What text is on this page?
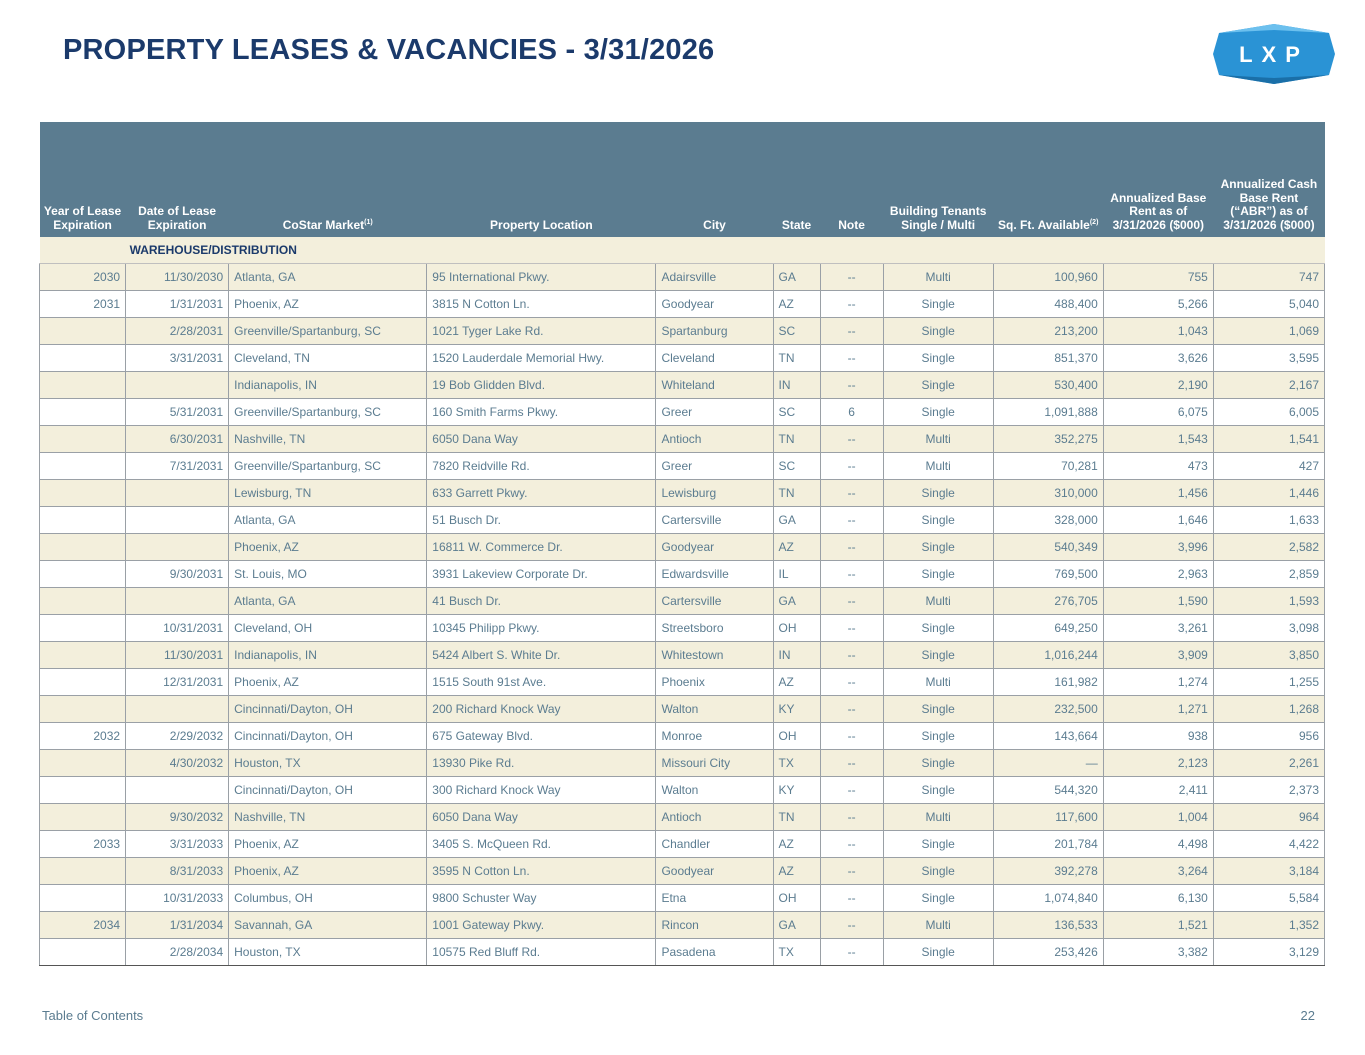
PROPERTY LEASES & VACANCIES - 3/31/2026	LXP
Year of Lease Expiration	Date of Lease Expiration	CoStar Market$^{(1)}$	Property Location	City	State	Note	Building Tenants Single / Multi	Sq. Ft. Available$^{(2)}$	Annualized Base Rent as of 3/31/2026 ($000)	Annualized Cash Base Rent (“ABR”) as of 3/31/2026 ($000)
	WAREHOUSE/DISTRIBUTION									
2030	11/30/2030	Atlanta, GA	95 International Pkwy.	Adairsville	GA	--	Multi	100,960	755	747
2031	1/31/2031	Phoenix, AZ	3815 N Cotton Ln.	Goodyear	AZ	--	Single	488,400	5,266	5,040
	2/28/2031	Greenville/Spartanburg, SC	1021 Tyger Lake Rd.	Spartanburg	SC	--	Single	213,200	1,043	1,069
	3/31/2031	Cleveland, TN	1520 Lauderdale Memorial Hwy.	Cleveland	TN	--	Single	851,370	3,626	3,595
		Indianapolis, IN	19 Bob Glidden Blvd.	Whiteland	IN	--	Single	530,400	2,190	2,167
	5/31/2031	Greenville/Spartanburg, SC	160 Smith Farms Pkwy.	Greer	SC	6	Single	1,091,888	6,075	6,005
	6/30/2031	Nashville, TN	6050 Dana Way	Antioch	TN	--	Multi	352,275	1,543	1,541
	7/31/2031	Greenville/Spartanburg, SC	7820 Reidville Rd.	Greer	SC	--	Multi	70,281	473	427
		Lewisburg, TN	633 Garrett Pkwy.	Lewisburg	TN	--	Single	310,000	1,456	1,446
		Atlanta, GA	51 Busch Dr.	Cartersville	GA	--	Single	328,000	1,646	1,633
		Phoenix, AZ	16811 W. Commerce Dr.	Goodyear	AZ	--	Single	540,349	3,996	2,582
	9/30/2031	St. Louis, MO	3931 Lakeview Corporate Dr.	Edwardsville	IL	--	Single	769,500	2,963	2,859
		Atlanta, GA	41 Busch Dr.	Cartersville	GA	--	Multi	276,705	1,590	1,593
	10/31/2031	Cleveland, OH	10345 Philipp Pkwy.	Streetsboro	OH	--	Single	649,250	3,261	3,098
	11/30/2031	Indianapolis, IN	5424 Albert S. White Dr.	Whitestown	IN	--	Single	1,016,244	3,909	3,850
	12/31/2031	Phoenix, AZ	1515 South 91st Ave.	Phoenix	AZ	--	Multi	161,982	1,274	1,255
		Cincinnati/Dayton, OH	200 Richard Knock Way	Walton	KY	--	Single	232,500	1,271	1,268
2032	2/29/2032	Cincinnati/Dayton, OH	675 Gateway Blvd.	Monroe	OH	--	Single	143,664	938	956
	4/30/2032	Houston, TX	13930 Pike Rd.	Missouri City	TX	--	Single	—	2,123	2,261
		Cincinnati/Dayton, OH	300 Richard Knock Way	Walton	KY	--	Single	544,320	2,411	2,373
	9/30/2032	Nashville, TN	6050 Dana Way	Antioch	TN	--	Multi	117,600	1,004	964
2033	3/31/2033	Phoenix, AZ	3405 S. McQueen Rd.	Chandler	AZ	--	Single	201,784	4,498	4,422
	8/31/2033	Phoenix, AZ	3595 N Cotton Ln.	Goodyear	AZ	--	Single	392,278	3,264	3,184
	10/31/2033	Columbus, OH	9800 Schuster Way	Etna	OH	--	Single	1,074,840	6,130	5,584
2034	1/31/2034	Savannah, GA	1001 Gateway Pkwy.	Rincon	GA	--	Multi	136,533	1,521	1,352
	2/28/2034	Houston, TX	10575 Red Bluff Rd.	Pasadena	TX	--	Single	253,426	3,382	3,129
Table of Contents	22
